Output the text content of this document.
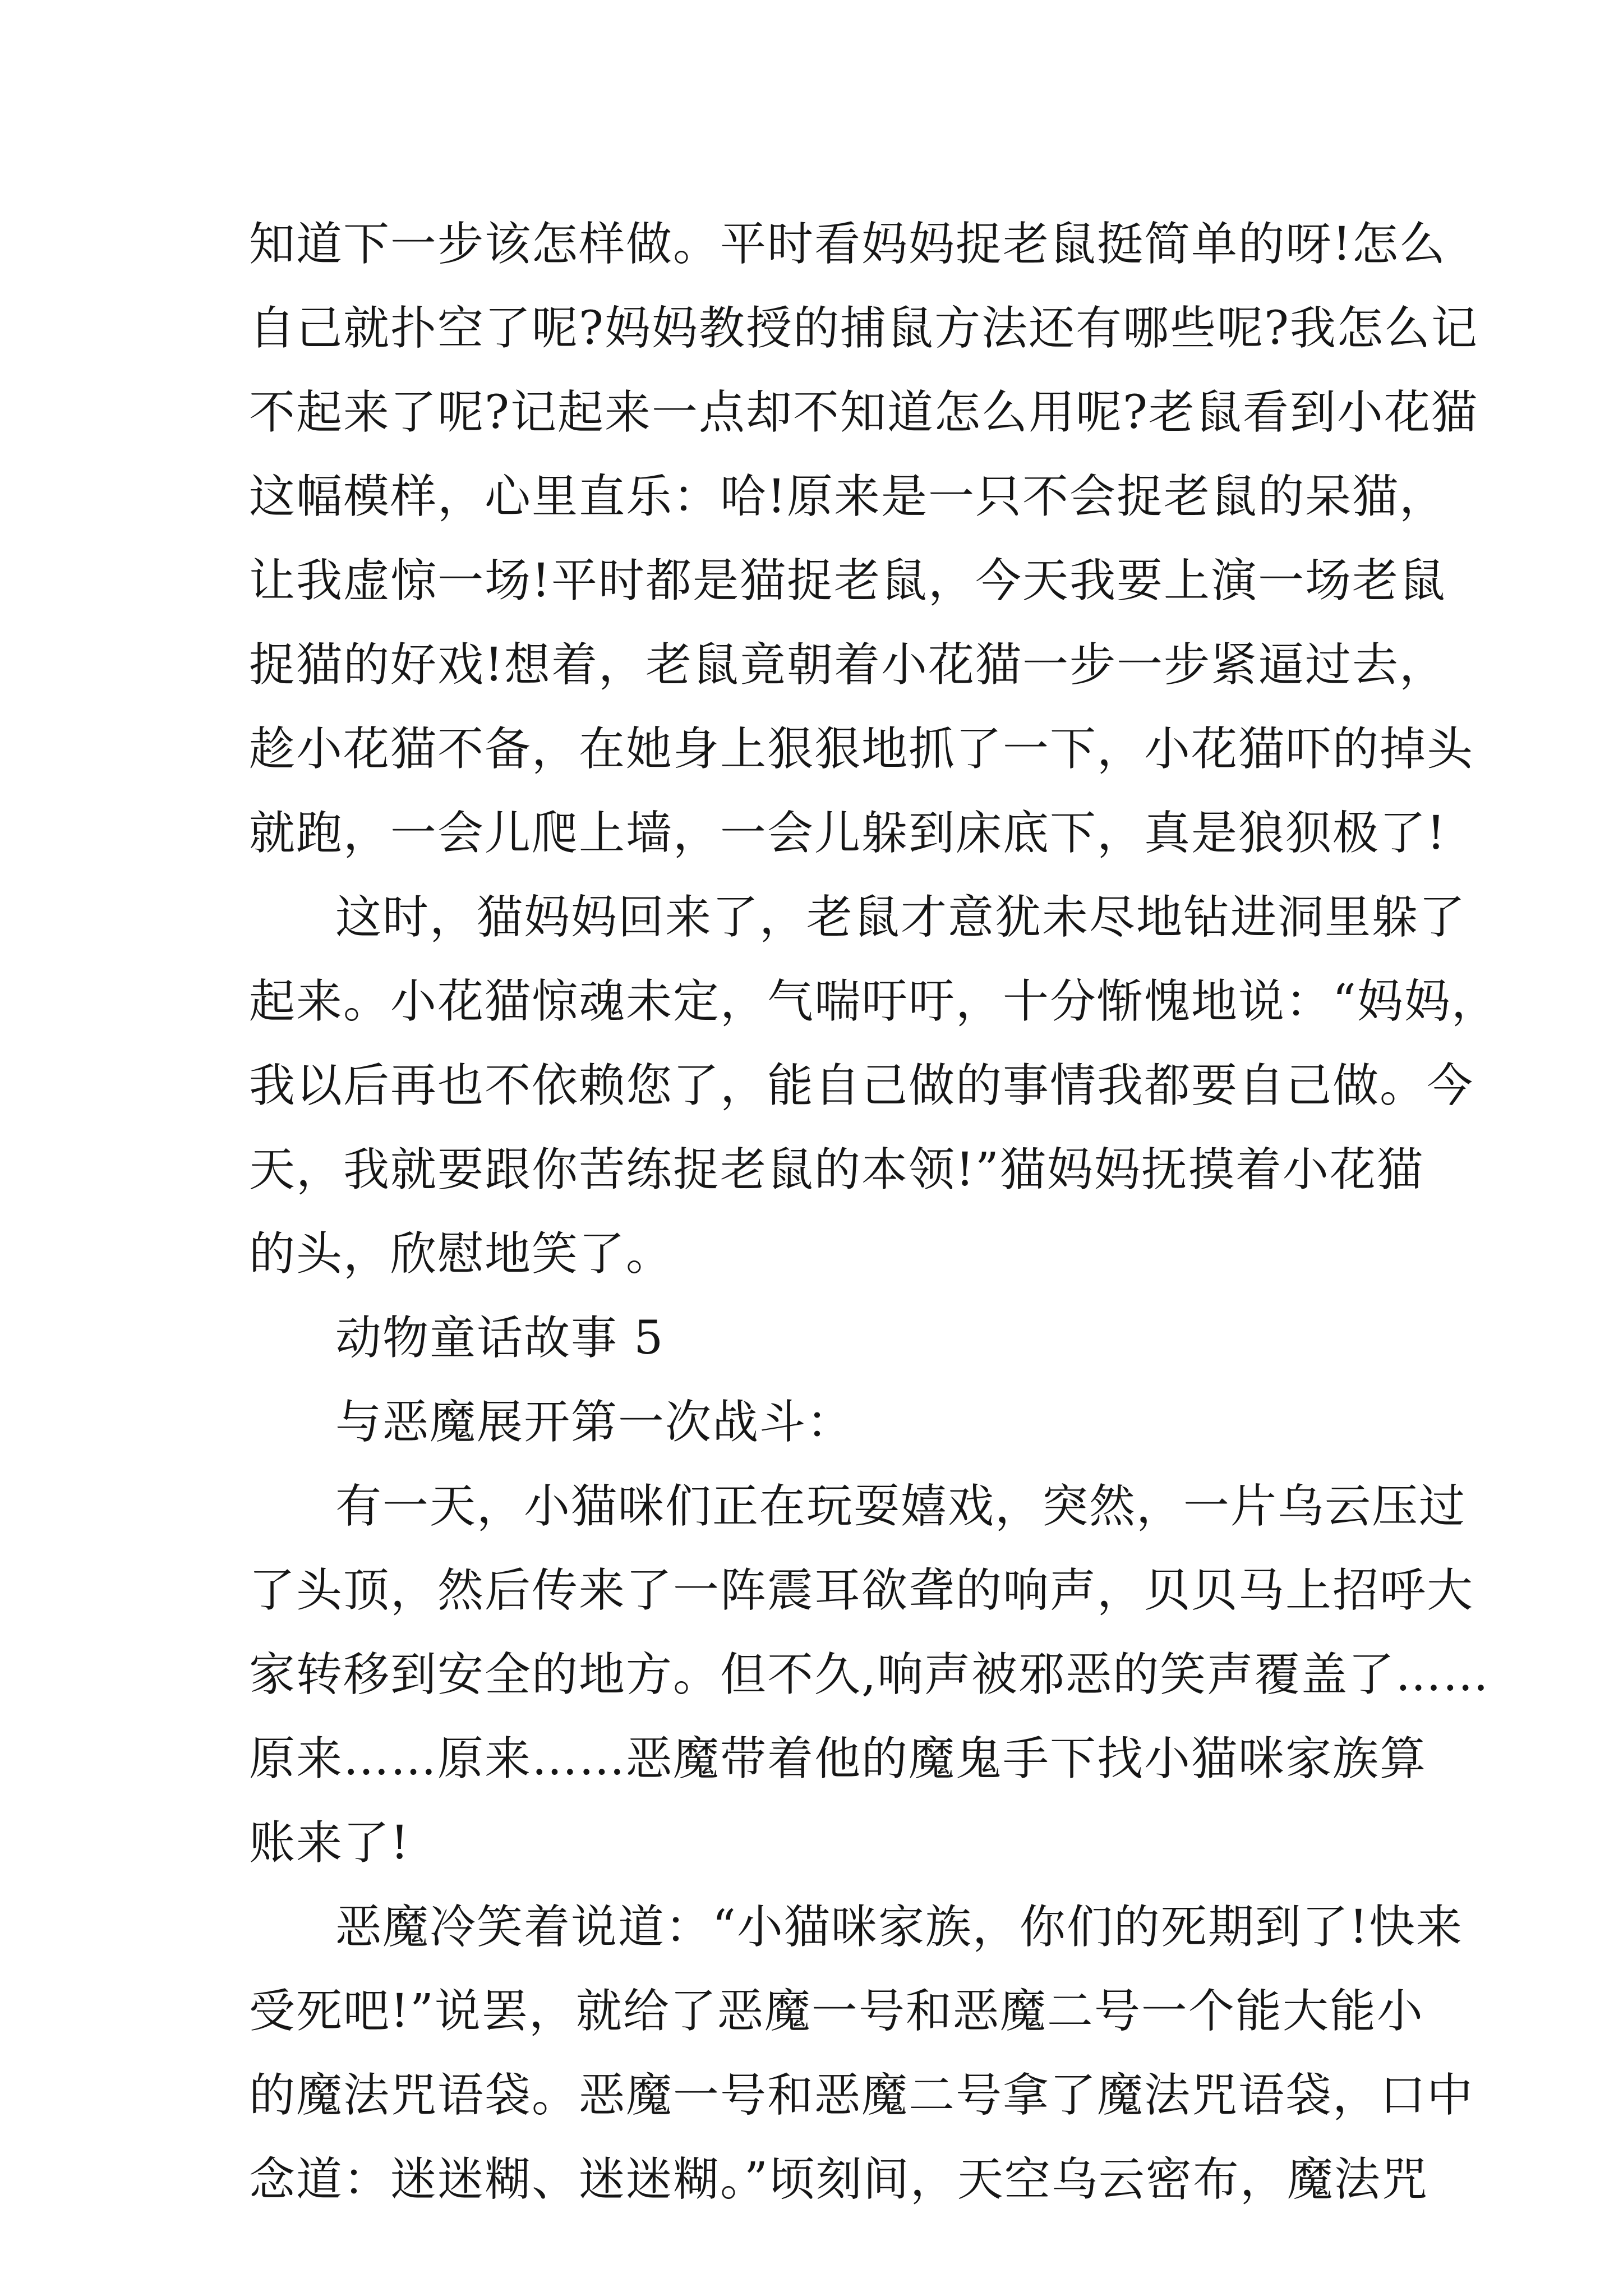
知道下一步该怎样做。平时看妈妈捉老鼠挺简单的呀!怎么
自己就扑空了呢?妈妈教授的捕鼠方法还有哪些呢?我怎么记
不起来了呢?记起来一点却不知道怎么用呢?老鼠看到小花猫
这幅模样，心里直乐：哈!原来是一只不会捉老鼠的呆猫，
让我虚惊一场!平时都是猫捉老鼠，今天我要上演一场老鼠
捉猫的好戏!想着，老鼠竟朝着小花猫一步一步紧逼过去，
趁小花猫不备，在她身上狠狠地抓了一下，小花猫吓的掉头
就跑，一会儿爬上墙，一会儿躲到床底下，真是狼狈极了!
这时，猫妈妈回来了，老鼠才意犹未尽地钻进洞里躲了
起来。小花猫惊魂未定，气喘吁吁，十分惭愧地说：“妈妈，
我以后再也不依赖您了，能自己做的事情我都要自己做。今
天，我就要跟你苦练捉老鼠的本领!”猫妈妈抚摸着小花猫
的头，欣慰地笑了。
动物童话故事 5
与恶魔展开第一次战斗：
有一天，小猫咪们正在玩耍嬉戏，突然，一片乌云压过
了头顶，然后传来了一阵震耳欲聋的响声，贝贝马上招呼大
家转移到安全的地方。但不久,响声被邪恶的笑声覆盖了……
原来……原来……恶魔带着他的魔鬼手下找小猫咪家族算
账来了!
恶魔冷笑着说道：“小猫咪家族，你们的死期到了!快来
受死吧!”说罢，就给了恶魔一号和恶魔二号一个能大能小
的魔法咒语袋。恶魔一号和恶魔二号拿了魔法咒语袋，口中
念道：迷迷糊、迷迷糊。”顷刻间，天空乌云密布，魔法咒
